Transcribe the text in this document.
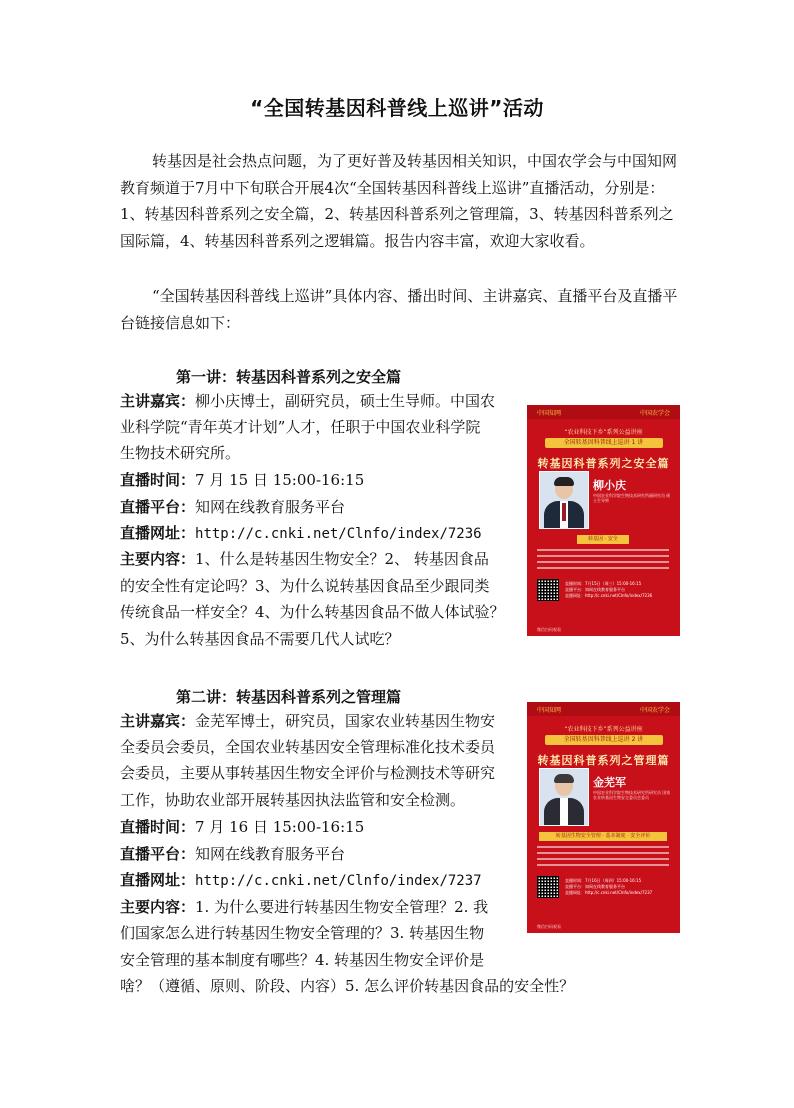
“全国转基因科普线上巡讲”活动

转基因是社会热点问题，为了更好普及转基因相关知识，中国农学会与中国知网教育频道于7月中下旬联合开展4次“全国转基因科普线上巡讲”直播活动，分别是：1、转基因科普系列之安全篇，2、转基因科普系列之管理篇，3、转基因科普系列之国际篇，4、转基因科普系列之逻辑篇。报告内容丰富，欢迎大家收看。

“全国转基因科普线上巡讲”具体内容、播出时间、主讲嘉宾、直播平台及直播平台链接信息如下：

第一讲：转基因科普系列之安全篇
主讲嘉宾：柳小庆博士，副研究员，硕士生导师。中国农
业科学院“青年英才计划”人才，任职于中国农业科学院
生物技术研究所。
直播时间：7 月 15 日 15:00-16:15
直播平台：知网在线教育服务平台
直播网址：http://c.cnki.net/Clnfo/index/7236
主要内容：1、什么是转基因生物安全？2、 转基因食品
的安全性有定论吗？3、为什么说转基因食品至少跟同类
传统食品一样安全？4、为什么转基因食品不做人体试验？
5、为什么转基因食品不需要几代人试吃？
中国知网	中国农学会
“农业科技下乡”系列公益讲座
全国转基因科普线上巡讲 1 讲
转基因科普系列之安全篇
柳小庆
中国农业科学院生物技术研究所副研究员 硕士生导师
转基因 · 安全
直播时间：7月15日（周三）15:00-16:15
直播平台：知网在线教育服务平台
直播网址：http://c.cnki.net/Clnfo/index/7236
微信扫码观看
第二讲：转基因科普系列之管理篇
主讲嘉宾：金芜军博士，研究员，国家农业转基因生物安
全委员会委员，全国农业转基因安全管理标准化技术委员
会委员，主要从事转基因生物安全评价与检测技术等研究
工作，协助农业部开展转基因执法监管和安全检测。
直播时间：7 月 16 日 15:00-16:15
直播平台：知网在线教育服务平台
直播网址：http://c.cnki.net/Clnfo/index/7237
主要内容：1. 为什么要进行转基因生物安全管理？2. 我
们国家怎么进行转基因生物安全管理的？3. 转基因生物
安全管理的基本制度有哪些？4. 转基因生物安全评价是
啥？（遵循、原则、阶段、内容）5. 怎么评价转基因食品的安全性？
中国知网	中国农学会
“农业科技下乡”系列公益讲座
全国转基因科普线上巡讲 2 讲
转基因科普系列之管理篇
金芜军
中国农业科学院生物技术研究所研究员 国家农业转基因生物安全委员会委员
转基因生物安全管理 · 基本制度 · 安全评价
直播时间：7月16日（周四）15:00-16:15
直播平台：知网在线教育服务平台
直播网址：http://c.cnki.net/Clnfo/index/7237
微信扫码观看
